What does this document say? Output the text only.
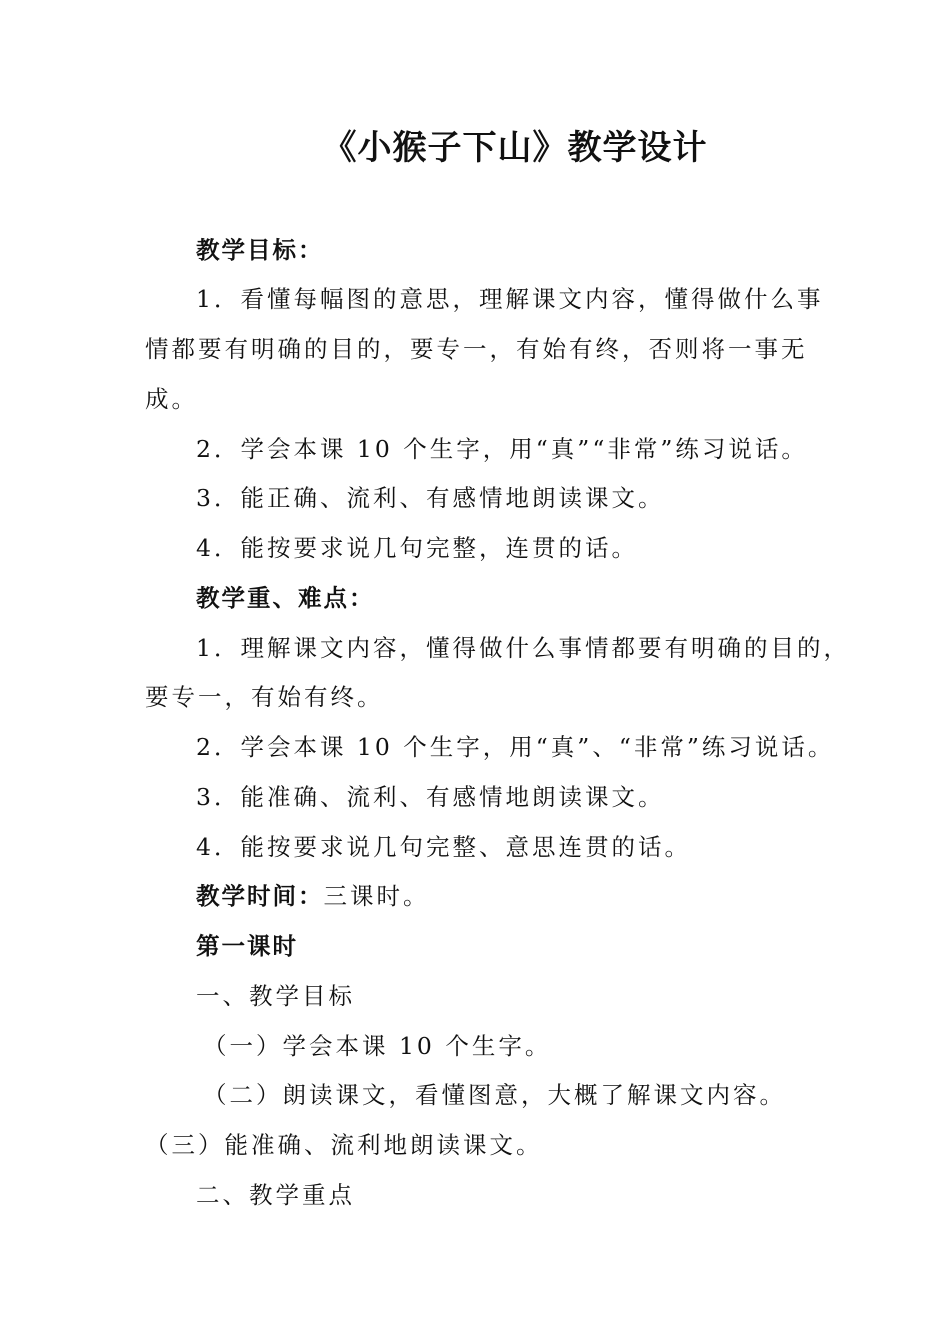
《小猴子下山》教学设计
教学目标：
1．看懂每幅图的意思，理解课文内容，懂得做什么事
情都要有明确的目的，要专一，有始有终，否则将一事无
成。
2．学会本课 10 个生字，用“真”“非常”练习说话。
3．能正确、流利、有感情地朗读课文。
4．能按要求说几句完整，连贯的话。
教学重、难点：
1．理解课文内容，懂得做什么事情都要有明确的目的，
要专一，有始有终。
2．学会本课 10 个生字，用“真”、“非常”练习说话。
3．能准确、流利、有感情地朗读课文。
4．能按要求说几句完整、意思连贯的话。
教学时间：三课时。
第一课时
一、教学目标
（一）学会本课 10 个生字。
（二）朗读课文，看懂图意，大概了解课文内容。
（三）能准确、流利地朗读课文。
二、教学重点
